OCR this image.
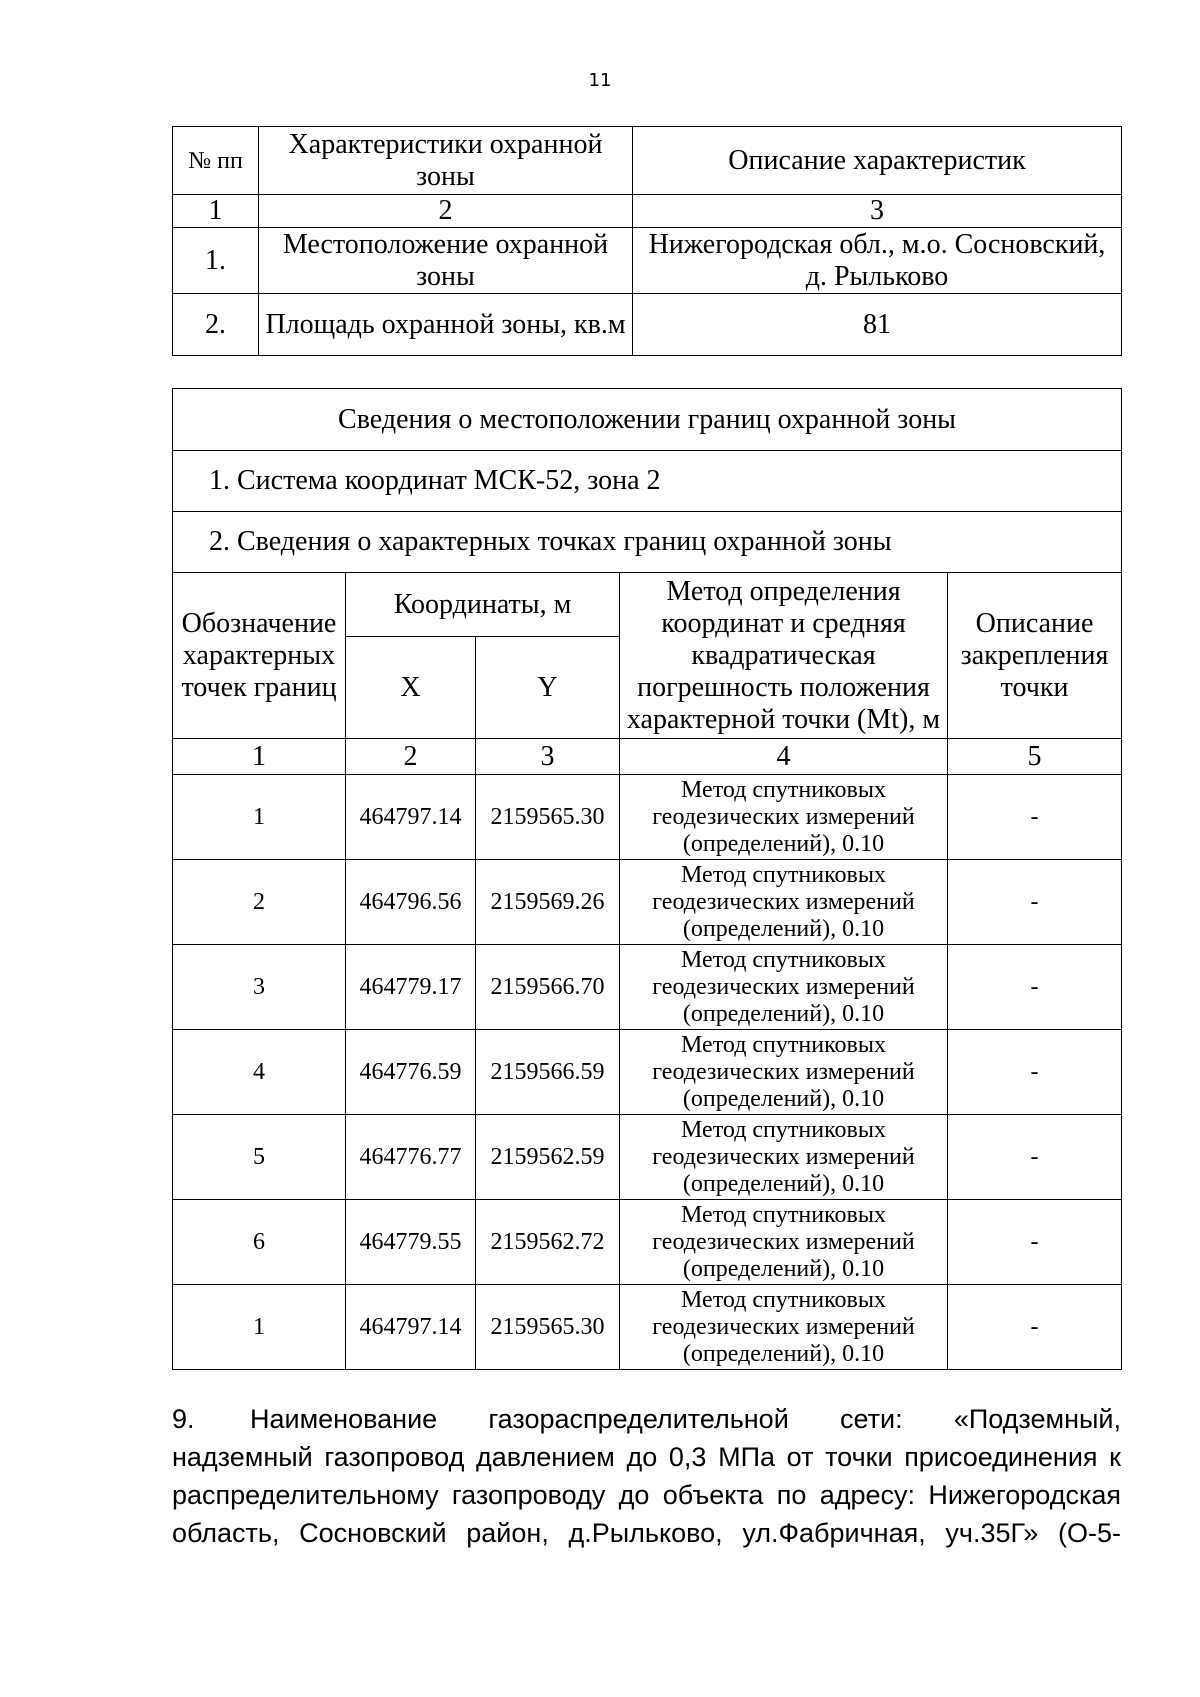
11
№ пп	Характеристики охранной зоны	Описание характеристик
1	2	3
1.	Местоположение охранной зоны	Нижегородская обл., м.о. Сосновский, д. Рыльково
2.	Площадь охранной зоны, кв.м	81
Сведения о местоположении границ охранной зоны				
1. Система координат МСК-52, зона 2				
2. Сведения о характерных точках границ охранной зоны				
Обозначение характерных точек границ	Координаты, м		Метод определения координат и средняя квадратическая погрешность положения характерной точки (Mt), м	Описание закрепления точки
	X	Y		
1	2	3	4	5
1	464797.14	2159565.30	Метод спутниковых геодезических измерений (определений), 0.10	-
2	464796.56	2159569.26	Метод спутниковых геодезических измерений (определений), 0.10	-
3	464779.17	2159566.70	Метод спутниковых геодезических измерений (определений), 0.10	-
4	464776.59	2159566.59	Метод спутниковых геодезических измерений (определений), 0.10	-
5	464776.77	2159562.59	Метод спутниковых геодезических измерений (определений), 0.10	-
6	464779.55	2159562.72	Метод спутниковых геодезических измерений (определений), 0.10	-
1	464797.14	2159565.30	Метод спутниковых геодезических измерений (определений), 0.10	-
9. Наименование газораспределительной сети: «Подземный, надземный газопровод давлением до 0,3 МПа от точки присоединения к распределительному газопроводу до объекта по адресу: Нижегородская область, Сосновский район, д.Рыльково, ул.Фабричная, уч.35Г» (О-5-
